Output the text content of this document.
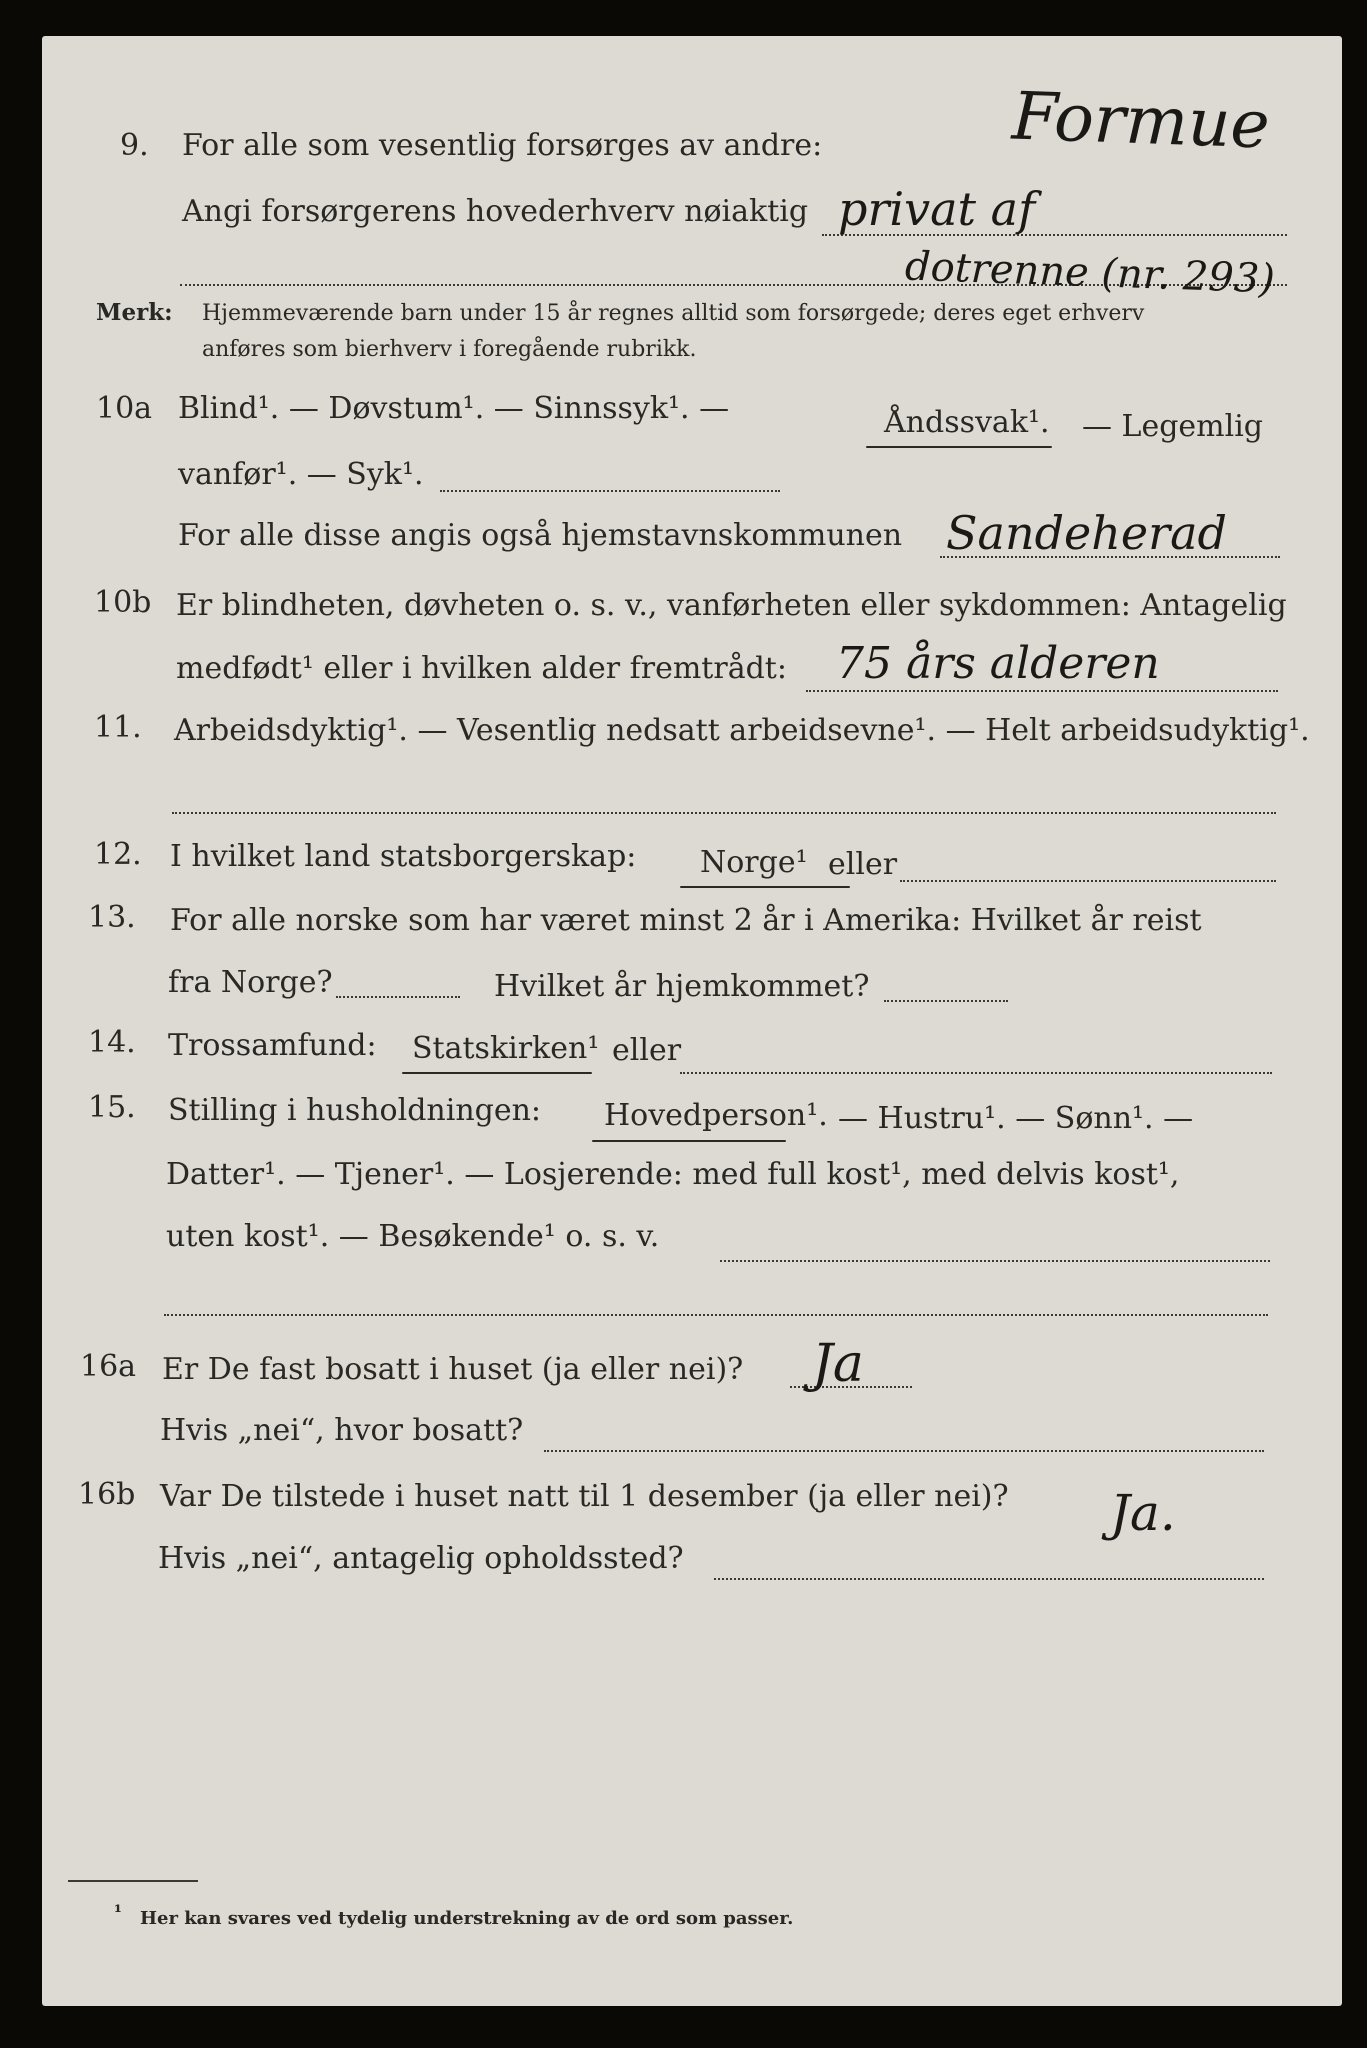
9. For alle som vesentlig forsørges av andre:	Formue
Angi forsørgerens hovederhverv nøiaktig privat af
dotrenne (nr. 293)
Merk: Hjemmeværende barn under 15 år regnes alltid som forsørgede; deres eget erhverv
anføres som bierhverv i foregående rubrikk.
10a Blind¹. — Døvstum¹. — Sinnssyk¹. —	Åndssvak¹. — Legemlig
vanfør¹. — Syk¹.
For alle disse angis også hjemstavnskommunen Sandeherad
10b Er blindheten, døvheten o. s. v., vanførheten eller sykdommen: Antagelig
medfødt¹ eller i hvilken alder fremtrådt: 75 års alderen
11. Arbeidsdyktig¹. — Vesentlig nedsatt arbeidsevne¹. — Helt arbeidsudyktig¹.
12. I hvilket land statsborgerskap: Norge¹ eller
13. For alle norske som har været minst 2 år i Amerika: Hvilket år reist
fra Norge?	Hvilket år hjemkommet?
14. Trossamfund: Statskirken¹ eller
15. Stilling i husholdningen: Hovedperson¹. — Hustru¹. — Sønn¹. —
Datter¹. — Tjener¹. — Losjerende: med full kost¹, med delvis kost¹,
uten kost¹. — Besøkende¹ o. s. v.
16a Er De fast bosatt i huset (ja eller nei)? Ja
Hvis „nei“, hvor bosatt?
16b Var De tilstede i huset natt til 1 desember (ja eller nei)? Ja.
Hvis „nei“, antagelig opholdssted?
¹ Her kan svares ved tydelig understrekning av de ord som passer.
